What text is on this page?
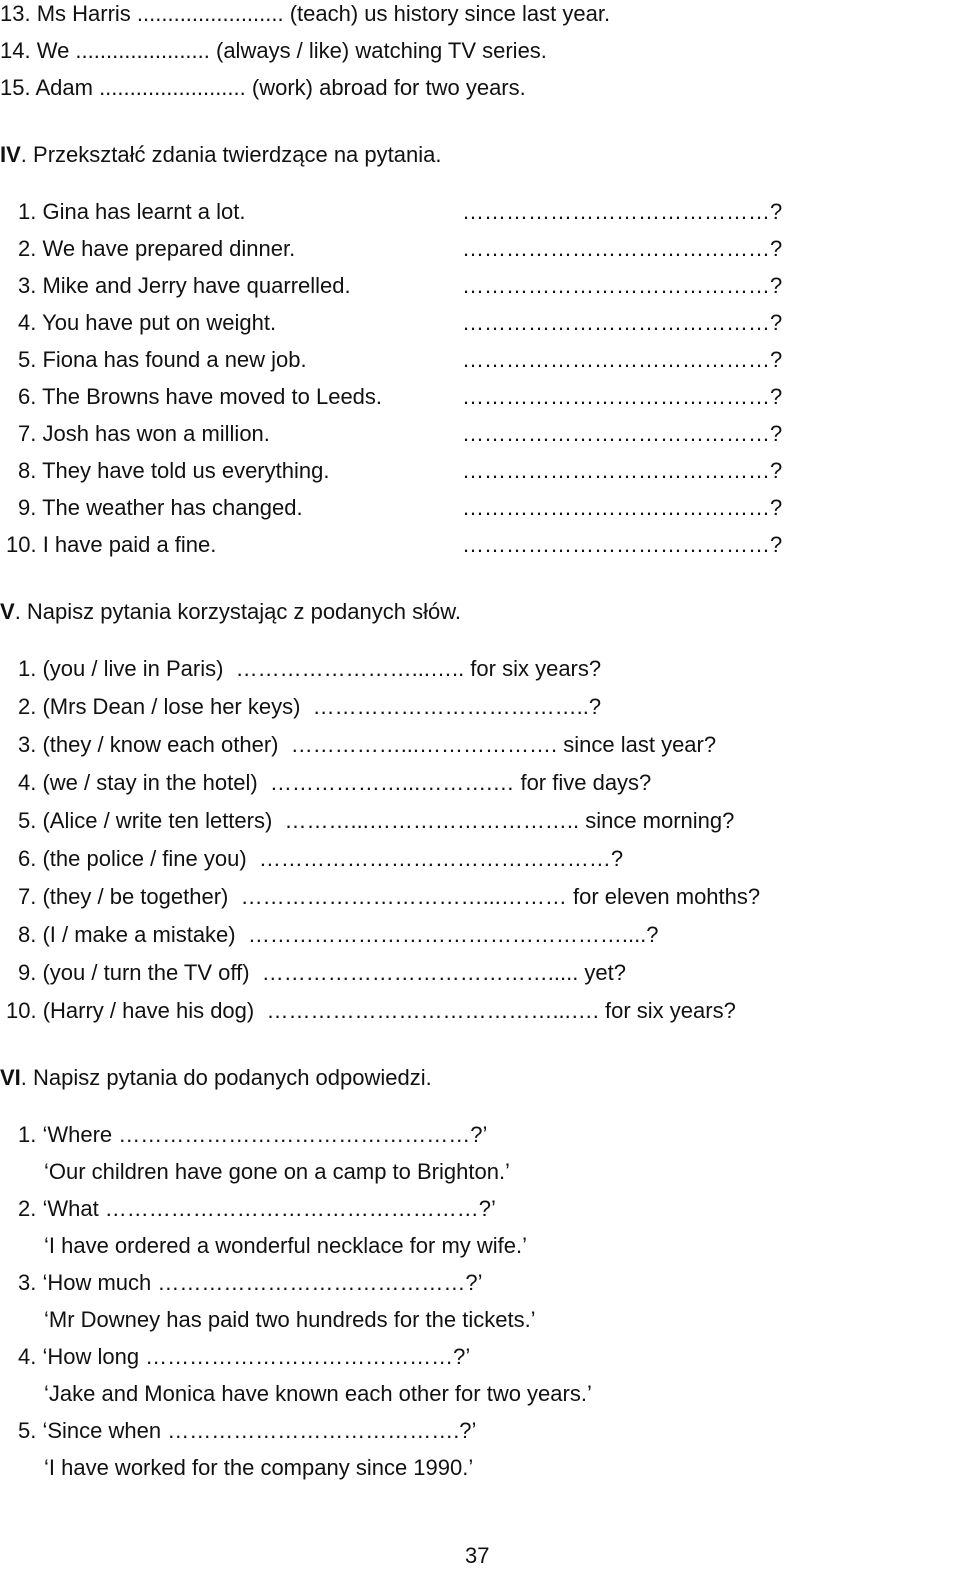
13. Ms Harris ........................ (teach) us history since last year.
14. We ...................... (always / like) watching TV series.
15. Adam ........................ (work) abroad for two years.
IV. Przekształć zdania twierdzące na pytania.
1. Gina has learnt a lot.	……………………………………?
2. We have prepared dinner.	……………………………………?
3. Mike and Jerry have quarrelled.	……………………………………?
4. You have put on weight.	……………………………………?
5. Fiona has found a new job.	……………………………………?
6. The Browns have moved to Leeds.	……………………………………?
7. Josh has won a million.	……………………………………?
8. They have told us everything.	……………………………………?
9. The weather has changed.	……………………………………?
10. I have paid a fine.	……………………………………?
V. Napisz pytania korzystając z podanych słów.
1. (you / live in Paris)  ……………………...….. for six years?
2. (Mrs Dean / lose her keys)  ………………………………..?
3. (they / know each other)  ……………...………………. since last year?
4. (we / stay in the hotel)  ………………...……….… for five days?
5. (Alice / write ten letters)  ………...……………………….. since morning?
6. (the police / fine you)  …………………………………………?
7. (they / be together)  ……………………………...……… for eleven mohths?
8. (I / make a mistake)  ……………………………………………....?
9. (you / turn the TV off)  …………………………………..... yet?
10. (Harry / have his dog)  …………………………………...…. for six years?
VI. Napisz pytania do podanych odpowiedzi.
1. ‘Where …………………………………………?’
‘Our children have gone on a camp to Brighton.’
2. ‘What ……………………………………………?’
‘I have ordered a wonderful necklace for my wife.’
3. ‘How much ……………………………………?’
‘Mr Downey has paid two hundreds for the tickets.’
4. ‘How long ……………………………………?’
‘Jake and Monica have known each other for two years.’
5. ‘Since when ………………………………….?’
‘I have worked for the company since 1990.’
37
